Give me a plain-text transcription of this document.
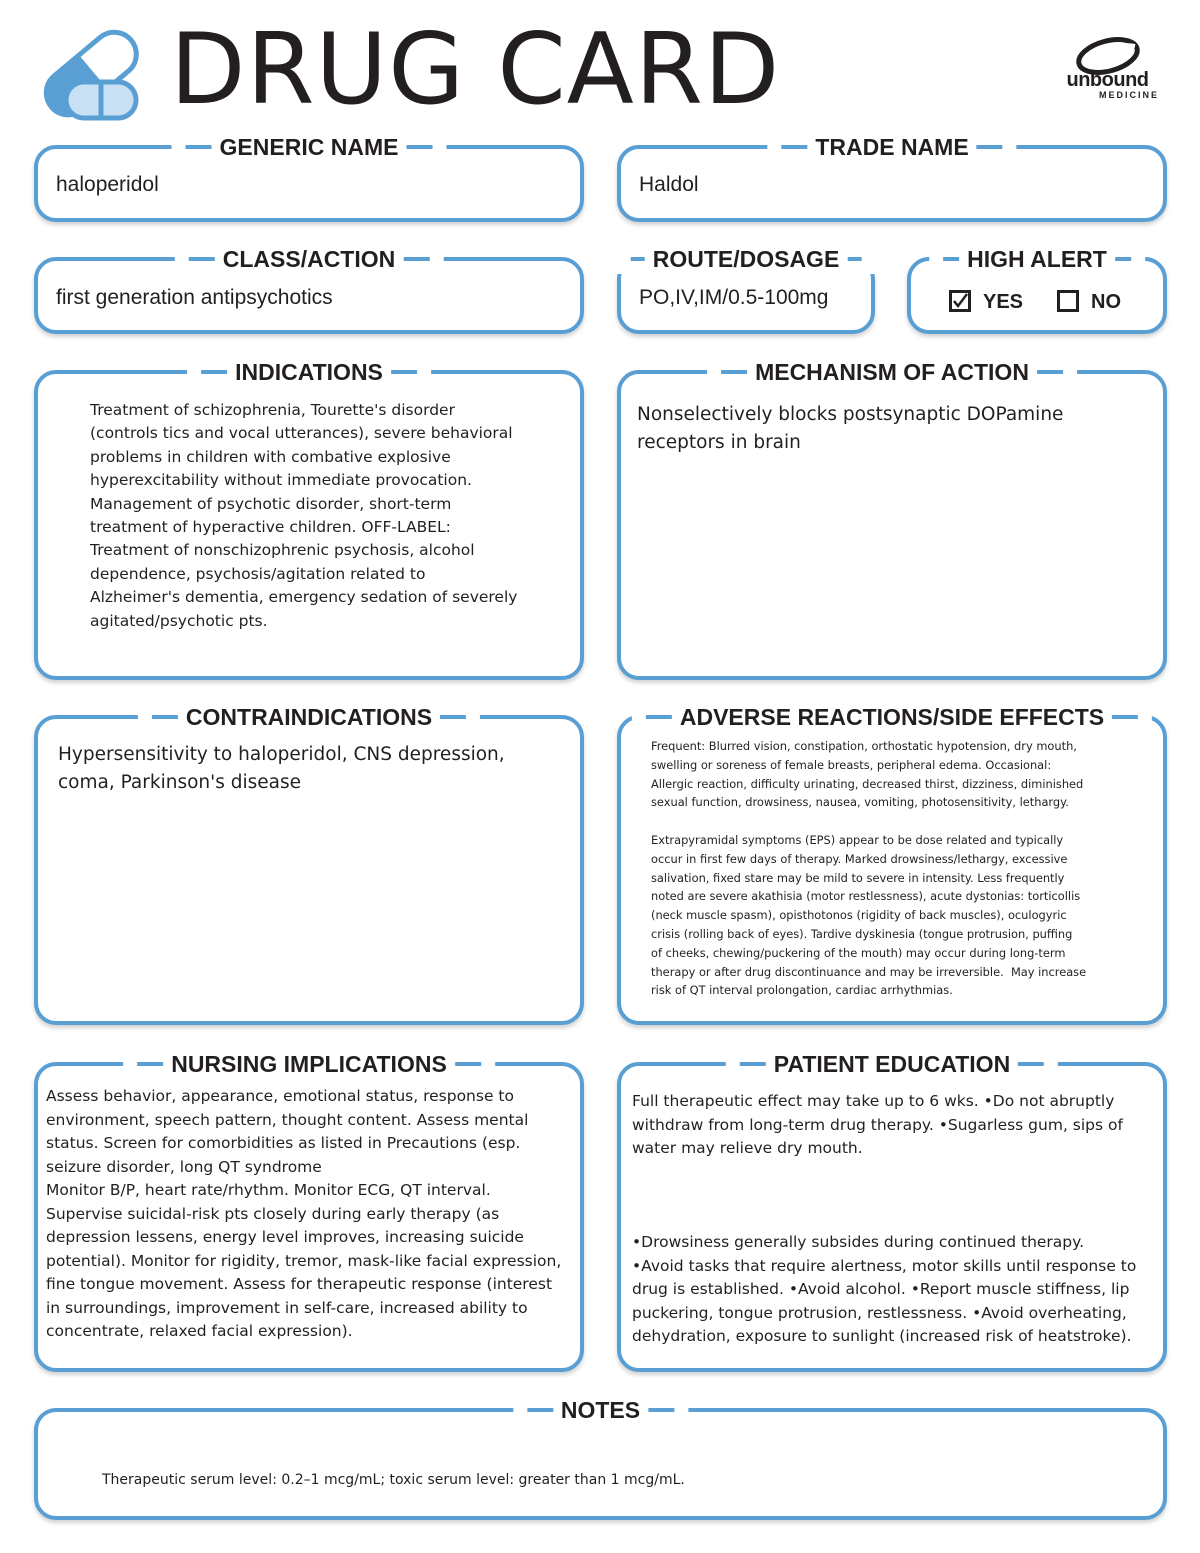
DRUG CARD	unbound
MEDICINE
GENERIC NAME
haloperidol
TRADE NAME
Haldol
CLASS/ACTION
first generation antipsychotics
ROUTE/DOSAGE
PO,IV,IM/0.5-100mg
HIGH ALERT
YES	NO
INDICATIONS
Treatment of schizophrenia, Tourette's disorder
(controls tics and vocal utterances), severe behavioral
problems in children with combative explosive
hyperexcitability without immediate provocation.
Management of psychotic disorder, short-term
treatment of hyperactive children. OFF-LABEL:
Treatment of nonschizophrenic psychosis, alcohol
dependence, psychosis/agitation related to
Alzheimer's dementia, emergency sedation of severely
agitated/psychotic pts.
MECHANISM OF ACTION
Nonselectively blocks postsynaptic DOPamine
receptors in brain
CONTRAINDICATIONS
Hypersensitivity to haloperidol, CNS depression,
coma, Parkinson's disease
ADVERSE REACTIONS/SIDE EFFECTS
Frequent: Blurred vision, constipation, orthostatic hypotension, dry mouth,
swelling or soreness of female breasts, peripheral edema. Occasional:
Allergic reaction, difficulty urinating, decreased thirst, dizziness, diminished
sexual function, drowsiness, nausea, vomiting, photosensitivity, lethargy.
Extrapyramidal symptoms (EPS) appear to be dose related and typically
occur in first few days of therapy. Marked drowsiness/lethargy, excessive
salivation, fixed stare may be mild to severe in intensity. Less frequently
noted are severe akathisia (motor restlessness), acute dystonias: torticollis
(neck muscle spasm), opisthotonos (rigidity of back muscles), oculogyric
crisis (rolling back of eyes). Tardive dyskinesia (tongue protrusion, puffing
of cheeks, chewing/puckering of the mouth) may occur during long-term
therapy or after drug discontinuance and may be irreversible.  May increase
risk of QT interval prolongation, cardiac arrhythmias.
NURSING IMPLICATIONS
Assess behavior, appearance, emotional status, response to
environment, speech pattern, thought content. Assess mental
status. Screen for comorbidities as listed in Precautions (esp.
seizure disorder, long QT syndrome
Monitor B/P, heart rate/rhythm. Monitor ECG, QT interval.
Supervise suicidal-risk pts closely during early therapy (as
depression lessens, energy level improves, increasing suicide
potential). Monitor for rigidity, tremor, mask-like facial expression,
fine tongue movement. Assess for therapeutic response (interest
in surroundings, improvement in self-care, increased ability to
concentrate, relaxed facial expression).
PATIENT EDUCATION
Full therapeutic effect may take up to 6 wks. •Do not abruptly
withdraw from long-term drug therapy. •Sugarless gum, sips of
water may relieve dry mouth.
•Drowsiness generally subsides during continued therapy.
•Avoid tasks that require alertness, motor skills until response to
drug is established. •Avoid alcohol. •Report muscle stiffness, lip
puckering, tongue protrusion, restlessness. •Avoid overheating,
dehydration, exposure to sunlight (increased risk of heatstroke).
NOTES
Therapeutic serum level: 0.2–1 mcg/mL; toxic serum level: greater than 1 mcg/mL.
